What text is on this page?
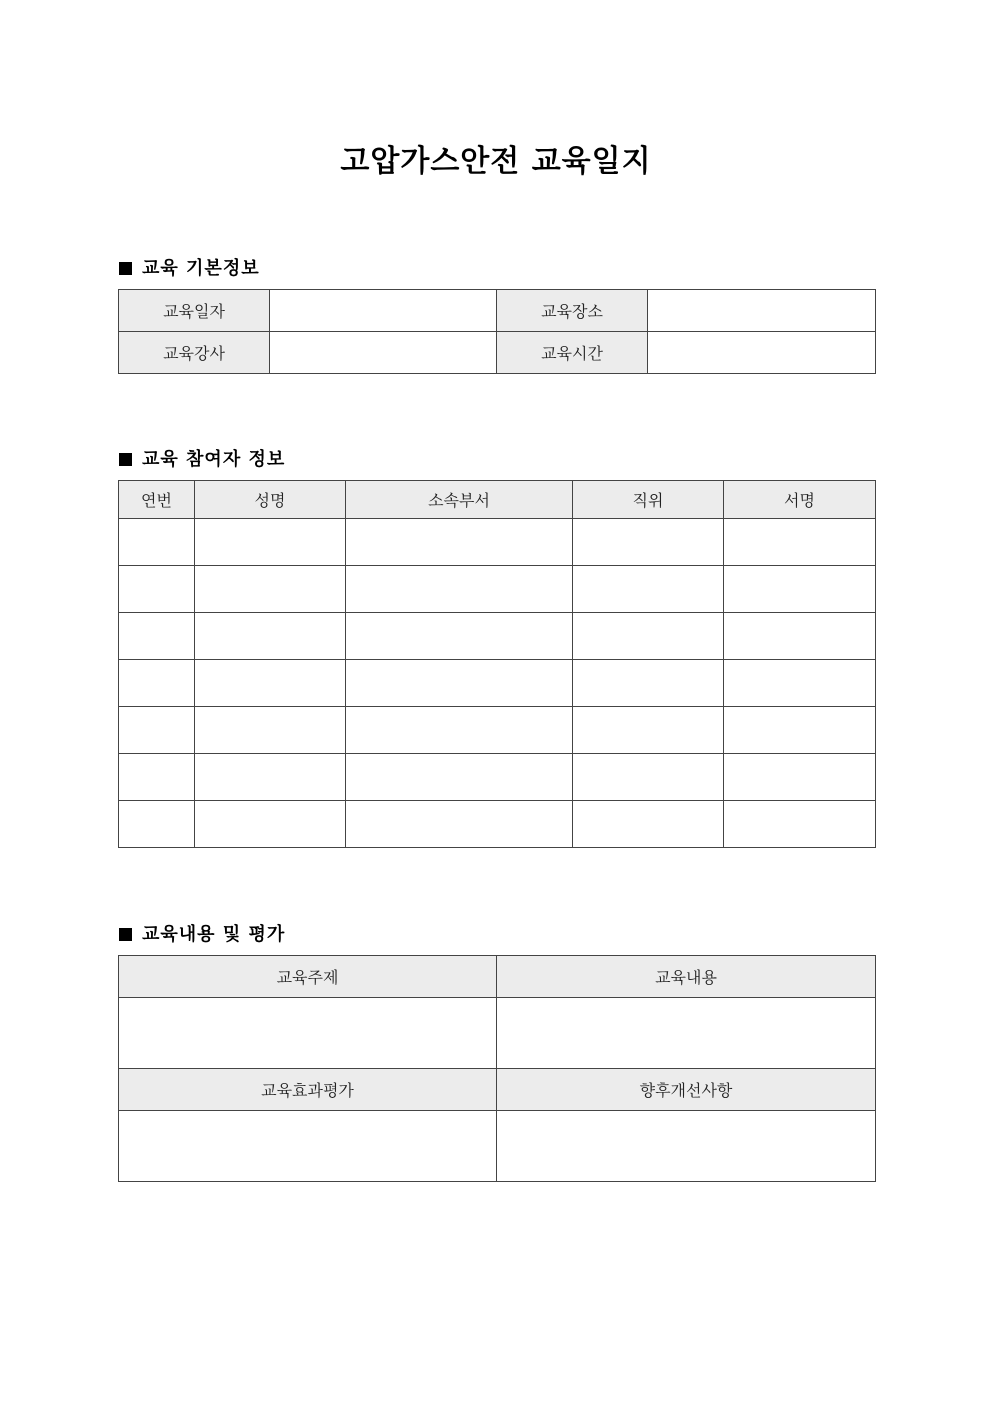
고압가스안전 교육일지
교육 기본정보
교육일자		교육장소	
교육강사		교육시간	
교육 참여자 정보
연번	성명	소속부서	직위	서명

교육내용 및 평가
교육주제	교육내용

교육효과평가	향후개선사항
